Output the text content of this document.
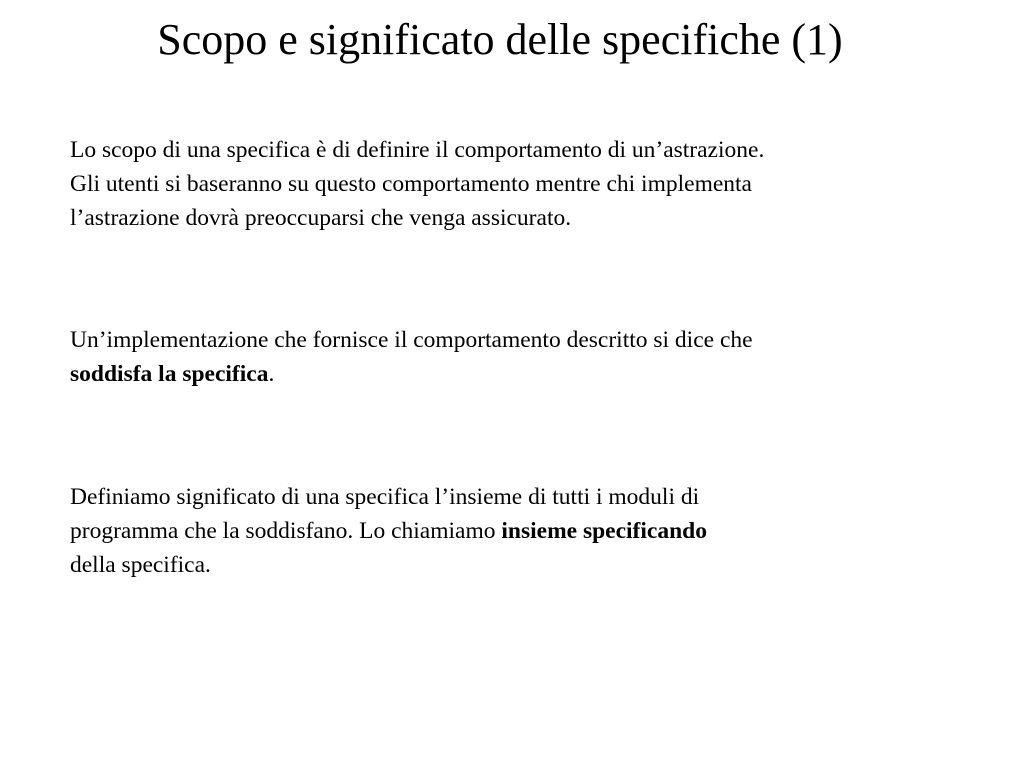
Scopo e significato delle specifiche (1)

Lo scopo di una specifica è di definire il comportamento di un’astrazione.
Gli utenti si baseranno su questo comportamento mentre chi implementa
l’astrazione dovrà preoccuparsi che venga assicurato.

Un’implementazione che fornisce il comportamento descritto si dice che
soddisfa la specifica.

Definiamo significato di una specifica l’insieme di tutti i moduli di
programma che la soddisfano. Lo chiamiamo insieme specificando
della specifica.
